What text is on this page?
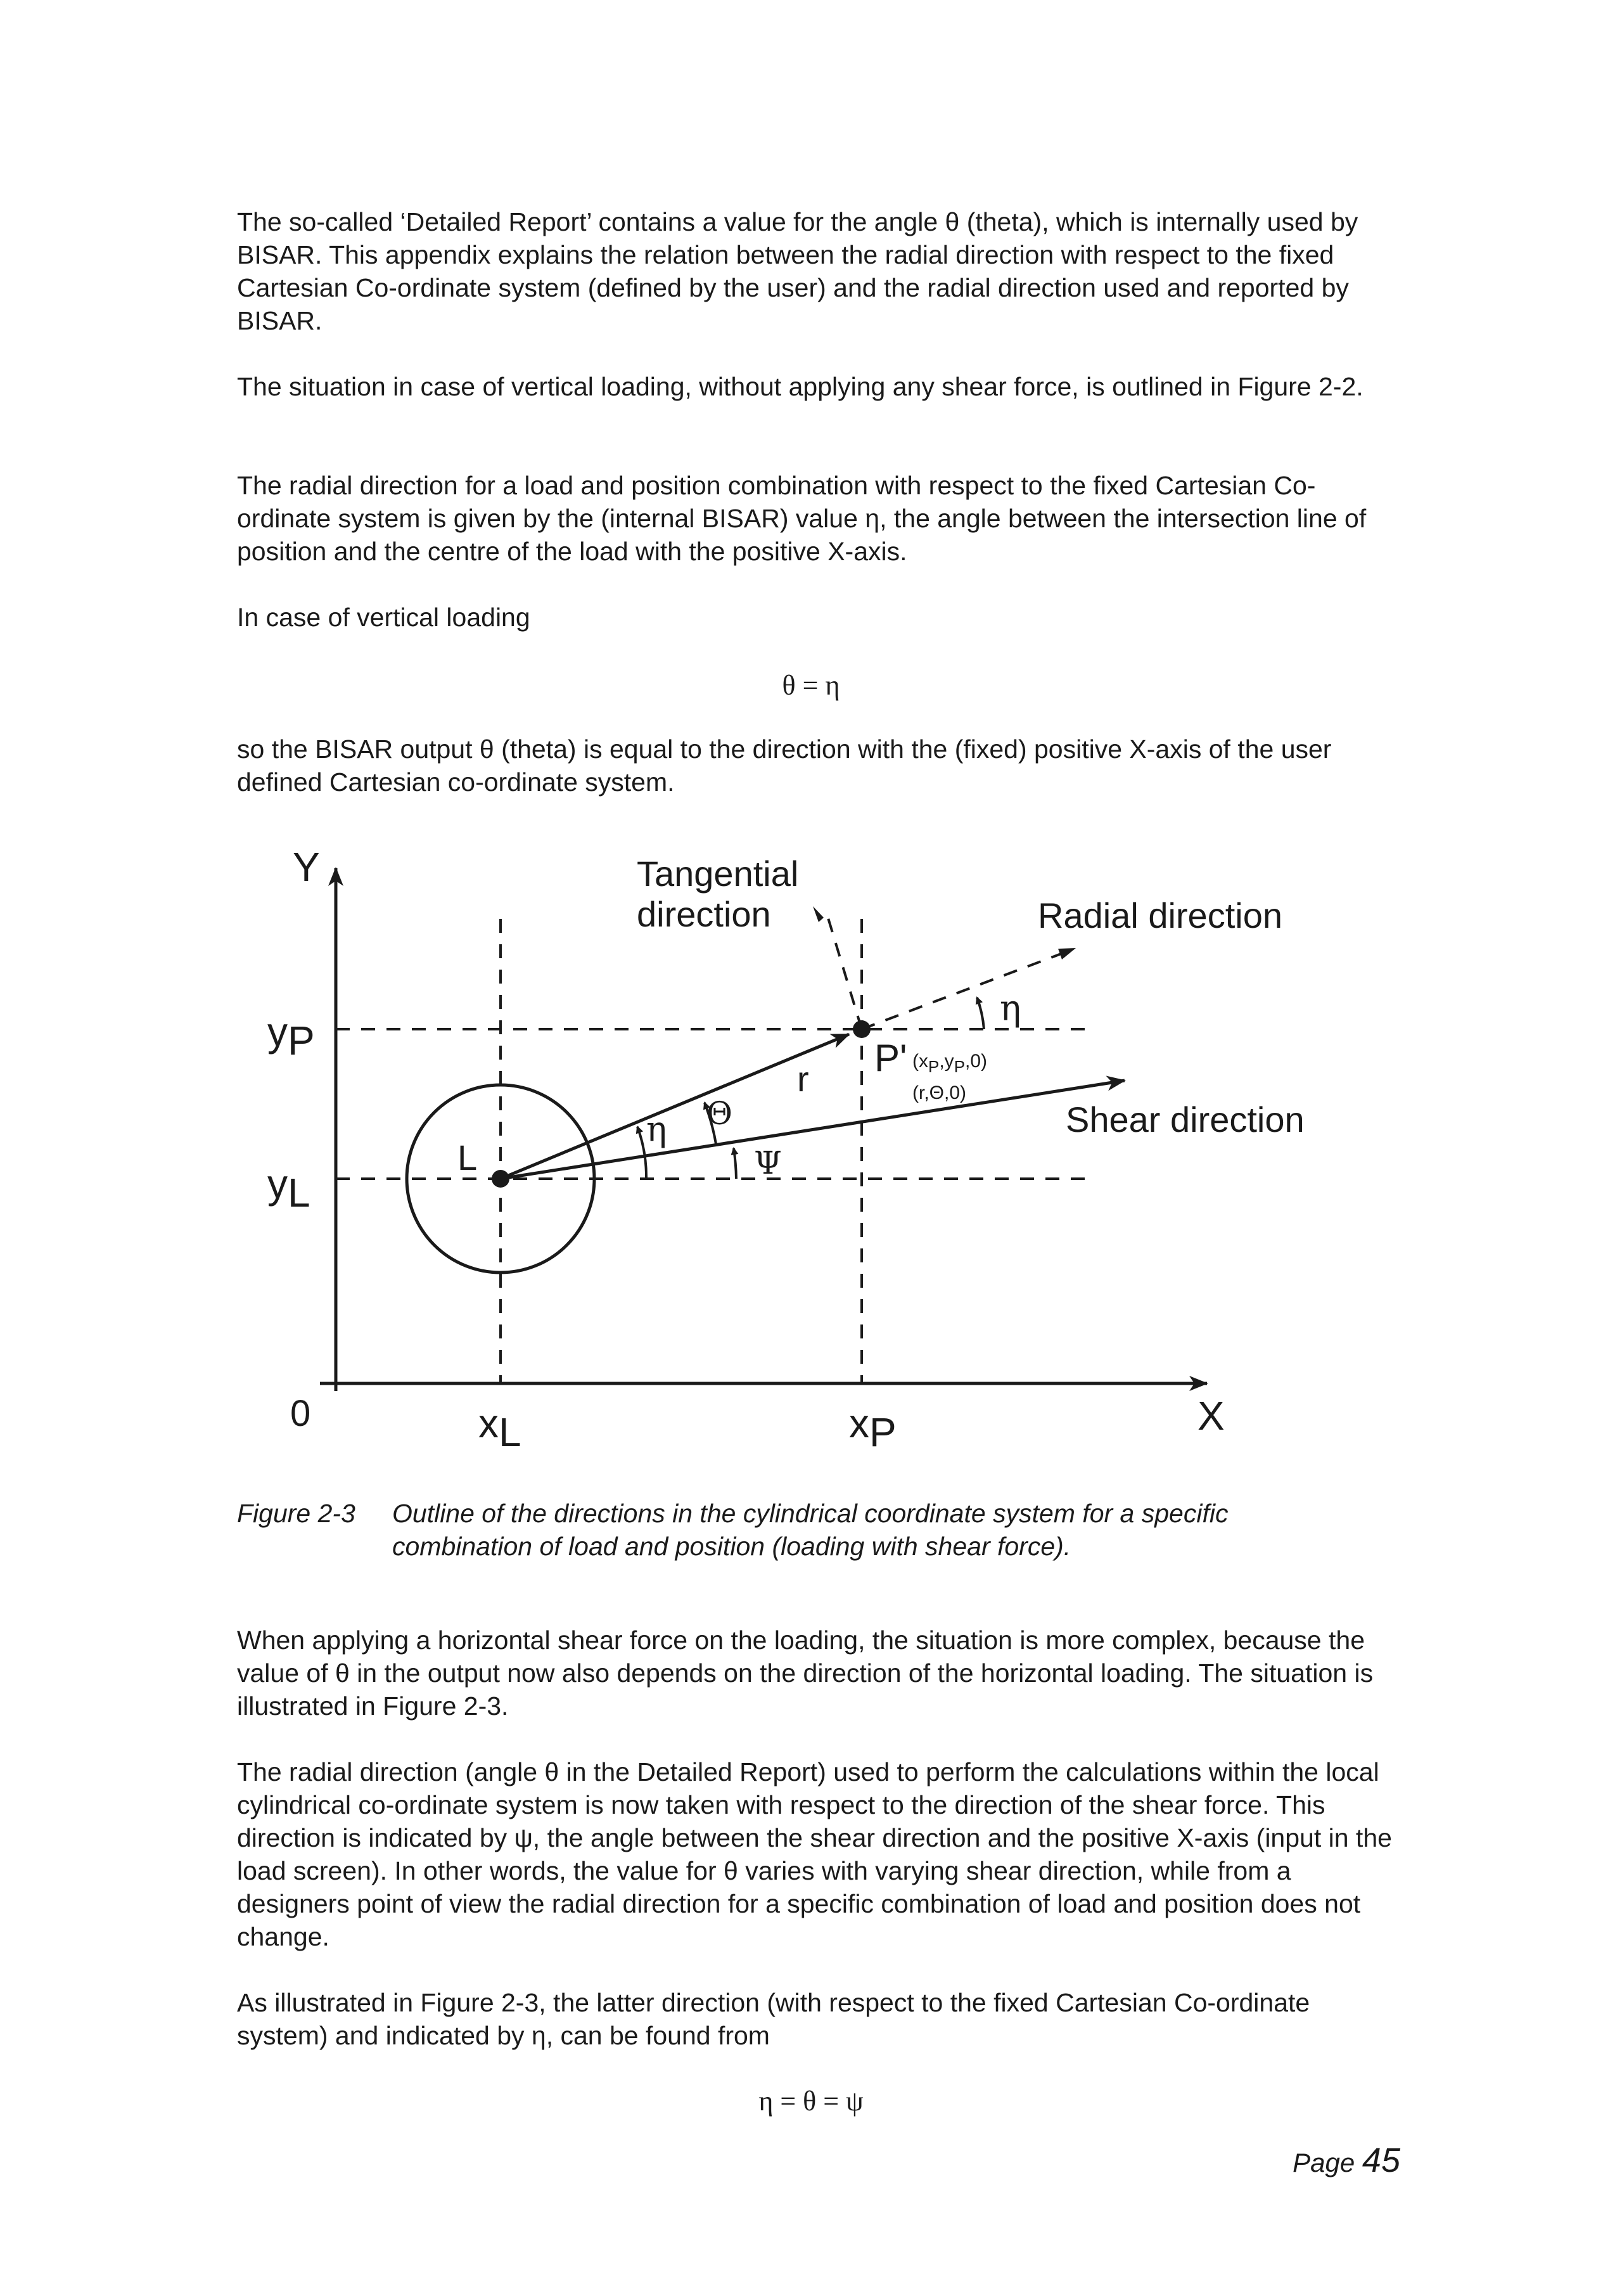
The so-called ‘Detailed Report’ contains a value for the angle θ (theta), which is internally used by BISAR. This appendix explains the relation between the radial direction with respect to the fixed Cartesian Co-ordinate system (defined by the user) and the radial direction used and reported by BISAR.

The situation in case of vertical loading, without applying any shear force, is outlined in Figure 2-2.

The radial direction for a load and position combination with respect to the fixed Cartesian Co-ordinate system is given by the (internal BISAR) value η, the angle between the intersection line of position and the centre of the load with the positive X-axis.

In case of vertical loading

θ = η

so the BISAR output θ (theta) is equal to the direction with the (fixed) positive X-axis of the user defined Cartesian co-ordinate system.

Y
X
0
yP
yL
xL	xP
Tangential
direction	Radial direction
Shear direction
L
P' (xP,yP,0)
(r,Θ,0)
r
η Θ
Ψ
η
Figure 2-3 Outline of the directions in the cylindrical coordinate system for a specific combination of load and position (loading with shear force).

When applying a horizontal shear force on the loading, the situation is more complex, because the value of θ in the output now also depends on the direction of the horizontal loading. The situation is illustrated in Figure 2-3.

The radial direction (angle θ in the Detailed Report) used to perform the calculations within the local cylindrical co-ordinate system is now taken with respect to the direction of the shear force. This direction is indicated by ψ, the angle between the shear direction and the positive X-axis (input in the load screen). In other words, the value for θ varies with varying shear direction, while from a designers point of view the radial direction for a specific combination of load and position does not change.

As illustrated in Figure 2-3, the latter direction (with respect to the fixed Cartesian Co-ordinate system) and indicated by η, can be found from

η = θ = ψ
Page 45
